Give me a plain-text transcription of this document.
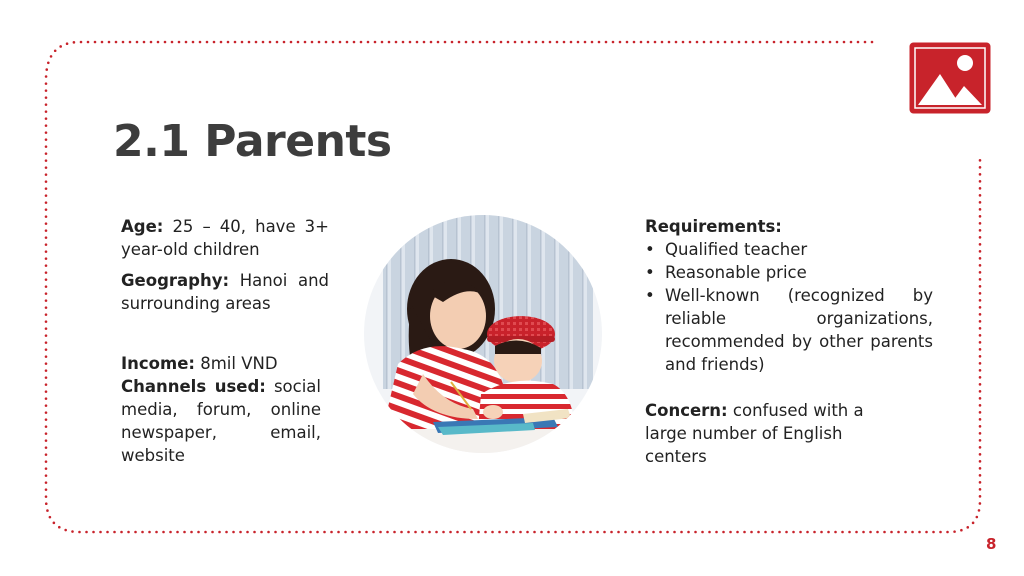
2.1 Parents
Age: 25 – 40, have 3+ year-old children
Geography: Hanoi and surrounding areas
Income: 8mil VND
Channels used: social media, forum, online newspaper, email, website
Requirements:
• Qualified teacher
• Reasonable price
• Well-known (recognized by reliable organizations, recommended by other parents and friends)
Concern: confused with a large number of English centers
8
